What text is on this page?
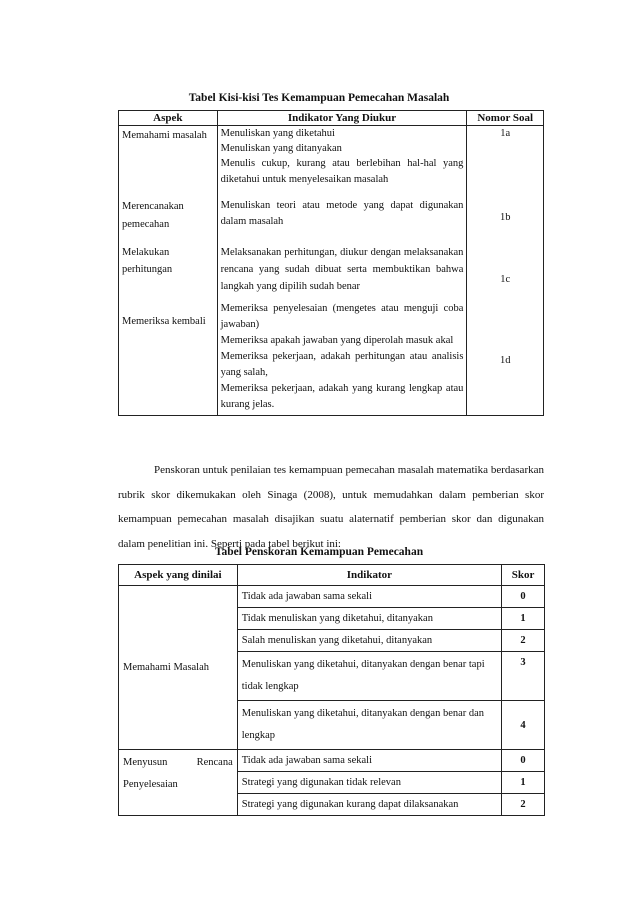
Tabel Kisi-kisi Tes Kemampuan Pemecahan Masalah
Aspek	Indikator Yang Diukur	Nomor Soal

Memahami masalah	Menuliskan yang diketahui
Menuliskan yang ditanyakan
Menulis cukup, kurang atau berlebihan hal-hal yang diketahui untuk menyelesaikan masalah	1a

Merencanakan pemecahan	Menuliskan teori atau metode yang dapat digunakan dalam masalah	1b

Melakukan perhitungan	Melaksanakan perhitungan, diukur dengan melaksanakan rencana yang sudah dibuat serta membuktikan bahwa langkah yang dipilih sudah benar	1c

Memeriksa kembali	Memeriksa penyelesaian (mengetes atau menguji coba jawaban)
Memeriksa apakah jawaban yang diperolah masuk akal
Memeriksa pekerjaan, adakah perhitungan atau analisis yang salah,
Memeriksa pekerjaan, adakah yang kurang lengkap atau kurang jelas.	1d
Penskoran untuk penilaian tes kemampuan pemecahan masalah matematika berdasarkan rubrik skor dikemukakan oleh Sinaga (2008), untuk memudahkan dalam pemberian skor kemampuan pemecahan masalah disajikan suatu alaternatif pemberian skor dan digunakan dalam penelitian ini. Seperti pada tabel berikut ini:
Tabel Penskoran Kemampuan Pemecahan
Aspek yang dinilai	Indikator	Skor
Memahami Masalah	Tidak ada jawaban sama sekali	0
	Tidak menuliskan yang diketahui, ditanyakan	1
	Salah menuliskan yang diketahui, ditanyakan	2
	Menuliskan yang diketahui, ditanyakan dengan benar tapi tidak lengkap	3
	Menuliskan yang diketahui, ditanyakan dengan benar dan lengkap	4

Menyusun Rencana
Penyelesaian	Tidak ada jawaban sama sekali	0
	Strategi yang digunakan tidak relevan	1
	Strategi yang digunakan kurang dapat dilaksanakan	2
